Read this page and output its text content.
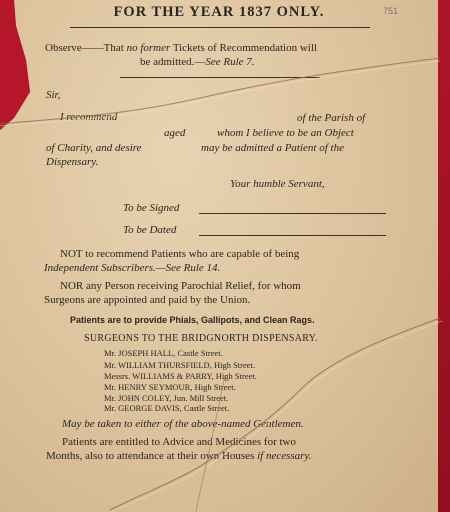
FOR THE YEAR 1837 ONLY.	751
Observe——That no former Tickets of Recommendation will
be admitted.—See Rule 7.
Sir,
I recommend	of the Parish of
aged	whom I believe to be an Object
of Charity, and desire	may be admitted a Patient of the
Dispensary.
Your humble Servant,
To be Signed
To be Dated
NOT to recommend Patients who are capable of being
Independent Subscribers.—See Rule 14.
NOR any Person receiving Parochial Relief, for whom
Surgeons are appointed and paid by the Union.
Patients are to provide Phials, Gallipots, and Clean Rags.
SURGEONS TO THE BRIDGNORTH DISPENSARY.
Mr. JOSEPH HALL, Castle Street.
Mr. WILLIAM THURSFIELD, High Street.
Messrs. WILLIAMS & PARRY, High Street.
Mr. HENRY SEYMOUR, High Street.
Mr. JOHN COLEY, Jun. Mill Street.
Mr. GEORGE DAVIS, Castle Street.
May be taken to either of the above-named Gentlemen.
Patients are entitled to Advice and Medicines for two
Months, also to attendance at their own Houses if necessary.
